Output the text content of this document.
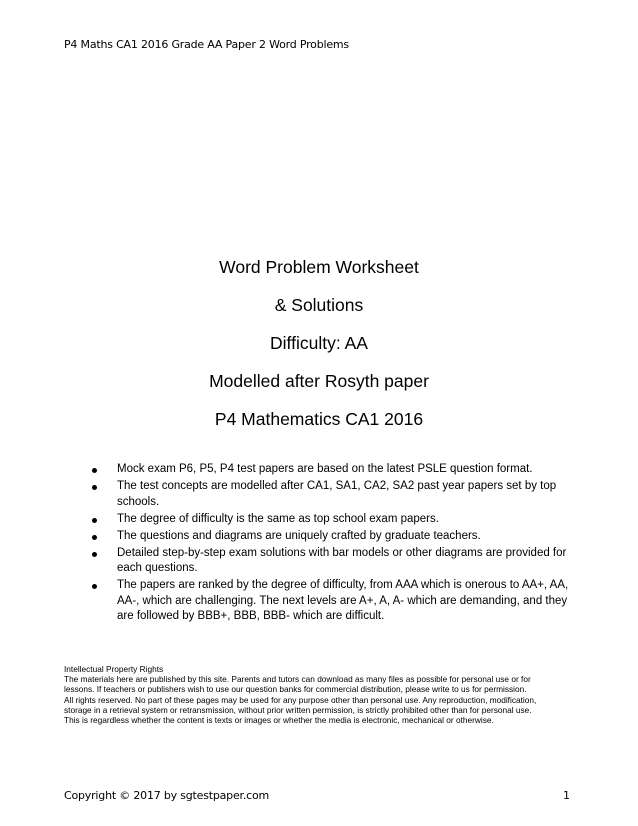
P4 Maths CA1 2016 Grade AA Paper 2 Word Problems
Word Problem Worksheet
& Solutions
Difficulty: AA
Modelled after Rosyth paper
P4 Mathematics CA1 2016
Mock exam P6, P5, P4 test papers are based on the latest PSLE question format.
The test concepts are modelled after CA1, SA1, CA2, SA2 past year papers set by top schools.
The degree of difficulty is the same as top school exam papers.
The questions and diagrams are uniquely crafted by graduate teachers.
Detailed step-by-step exam solutions with bar models or other diagrams are provided for each questions.
The papers are ranked by the degree of difficulty, from AAA which is onerous to AA+, AA, AA-, which are challenging. The next levels are A+, A, A- which are demanding, and they are followed by BBB+, BBB, BBB- which are difficult.
Intellectual Property Rights
The materials here are published by this site. Parents and tutors can download as many files as possible for personal use or for
lessons. If teachers or publishers wish to use our question banks for commercial distribution, please write to us for permission.
All rights reserved. No part of these pages may be used for any purpose other than personal use. Any reproduction, modification,
storage in a retrieval system or retransmission, without prior written permission, is strictly prohibited other than for personal use.
This is regardless whether the content is texts or images or whether the media is electronic, mechanical or otherwise.
Copyright © 2017 by sgtestpaper.com	1
